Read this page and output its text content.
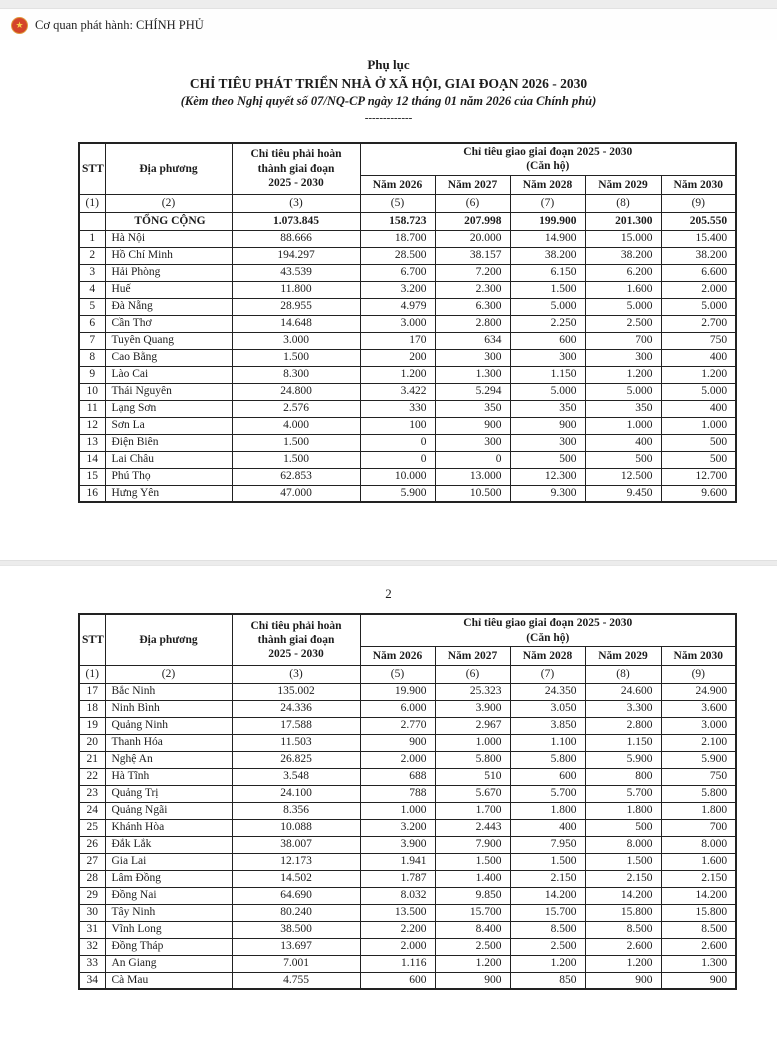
★ Cơ quan phát hành: CHÍNH PHỦ
Phụ lục
CHỈ TIÊU PHÁT TRIỂN NHÀ Ở XÃ HỘI, GIAI ĐOẠN 2026 - 2030
(Kèm theo Nghị quyết số 07/NQ-CP ngày 12 tháng 01 năm 2026 của Chính phủ)
-------------
STT	Địa phương	Chỉ tiêu phải hoàn
thành giai đoạn
2025 - 2030	Chỉ tiêu giao giai đoạn 2025 - 2030
(Căn hộ)				

			Năm 2026	Năm 2027	Năm 2028	Năm 2029	Năm 2030
(1)	(2)	(3)	(5)	(6)	(7)	(8)	(9)
	TỔNG CỘNG	1.073.845	158.723	207.998	199.900	201.300	205.550
1	Hà Nội	88.666	18.700	20.000	14.900	15.000	15.400
2	Hồ Chí Minh	194.297	28.500	38.157	38.200	38.200	38.200
3	Hải Phòng	43.539	6.700	7.200	6.150	6.200	6.600
4	Huế	11.800	3.200	2.300	1.500	1.600	2.000
5	Đà Nẵng	28.955	4.979	6.300	5.000	5.000	5.000
6	Cần Thơ	14.648	3.000	2.800	2.250	2.500	2.700
7	Tuyên Quang	3.000	170	634	600	700	750
8	Cao Bằng	1.500	200	300	300	300	400
9	Lào Cai	8.300	1.200	1.300	1.150	1.200	1.200
10	Thái Nguyên	24.800	3.422	5.294	5.000	5.000	5.000
11	Lạng Sơn	2.576	330	350	350	350	400
12	Sơn La	4.000	100	900	900	1.000	1.000
13	Điện Biên	1.500	0	300	300	400	500
14	Lai Châu	1.500	0	0	500	500	500
15	Phú Thọ	62.853	10.000	13.000	12.300	12.500	12.700
16	Hưng Yên	47.000	5.900	10.500	9.300	9.450	9.600
2
STT	Địa phương	Chỉ tiêu phải hoàn
thành giai đoạn
2025 - 2030	Chỉ tiêu giao giai đoạn 2025 - 2030
(Căn hộ)				

			Năm 2026	Năm 2027	Năm 2028	Năm 2029	Năm 2030
(1)	(2)	(3)	(5)	(6)	(7)	(8)	(9)
17	Bắc Ninh	135.002	19.900	25.323	24.350	24.600	24.900
18	Ninh Bình	24.336	6.000	3.900	3.050	3.300	3.600
19	Quảng Ninh	17.588	2.770	2.967	3.850	2.800	3.000
20	Thanh Hóa	11.503	900	1.000	1.100	1.150	2.100
21	Nghệ An	26.825	2.000	5.800	5.800	5.900	5.900
22	Hà Tĩnh	3.548	688	510	600	800	750
23	Quảng Trị	24.100	788	5.670	5.700	5.700	5.800
24	Quảng Ngãi	8.356	1.000	1.700	1.800	1.800	1.800
25	Khánh Hòa	10.088	3.200	2.443	400	500	700
26	Đắk Lắk	38.007	3.900	7.900	7.950	8.000	8.000
27	Gia Lai	12.173	1.941	1.500	1.500	1.500	1.600
28	Lâm Đồng	14.502	1.787	1.400	2.150	2.150	2.150
29	Đồng Nai	64.690	8.032	9.850	14.200	14.200	14.200
30	Tây Ninh	80.240	13.500	15.700	15.700	15.800	15.800
31	Vĩnh Long	38.500	2.200	8.400	8.500	8.500	8.500
32	Đồng Tháp	13.697	2.000	2.500	2.500	2.600	2.600
33	An Giang	7.001	1.116	1.200	1.200	1.200	1.300
34	Cà Mau	4.755	600	900	850	900	900
